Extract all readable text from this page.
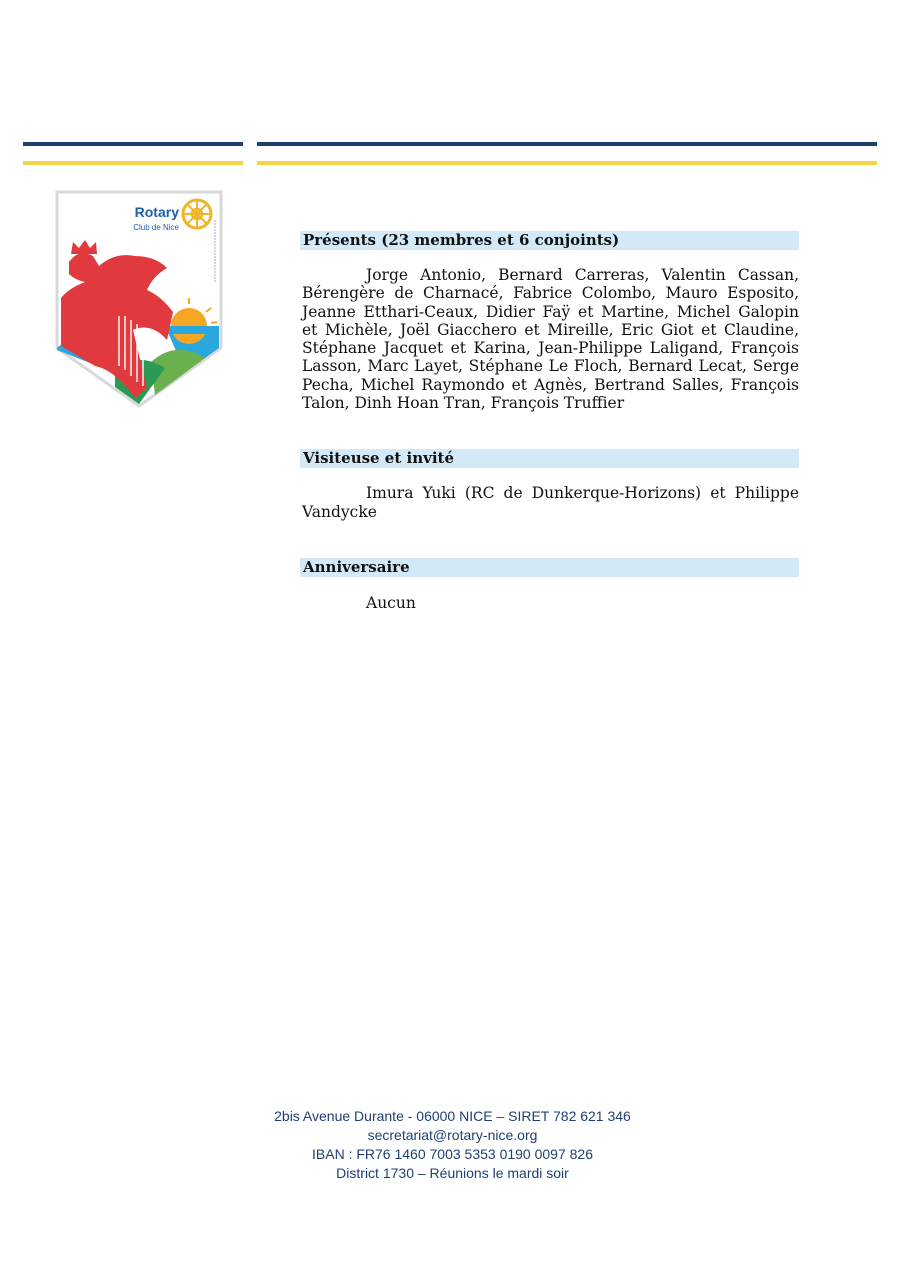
Rotary
Club de Nice
Présents (23 membres et 6 conjoints)

Jorge Antonio, Bernard Carreras, Valentin Cassan, Bérengère de Charnacé, Fabrice Colombo, Mauro Esposito, Jeanne Etthari-Ceaux, Didier Faÿ et Martine, Michel Galopin et Michèle, Joël Giacchero et Mireille, Eric Giot et Claudine, Stéphane Jacquet et Karina, Jean-Philippe Laligand, François Lasson, Marc Layet, Stéphane Le Floch, Bernard Lecat, Serge Pecha, Michel Raymondo et Agnès, Bertrand Salles, François Talon, Dinh Hoan Tran, François Truffier

Visiteuse et invité

Imura Yuki (RC de Dunkerque-Horizons) et Philippe Vandycke

Anniversaire

Aucun

2bis Avenue Durante - 06000 NICE – SIRET 782 621 346
secretariat@rotary-nice.org
IBAN : FR76 1460 7003 5353 0190 0097 826
District 1730 – Réunions le mardi soir
